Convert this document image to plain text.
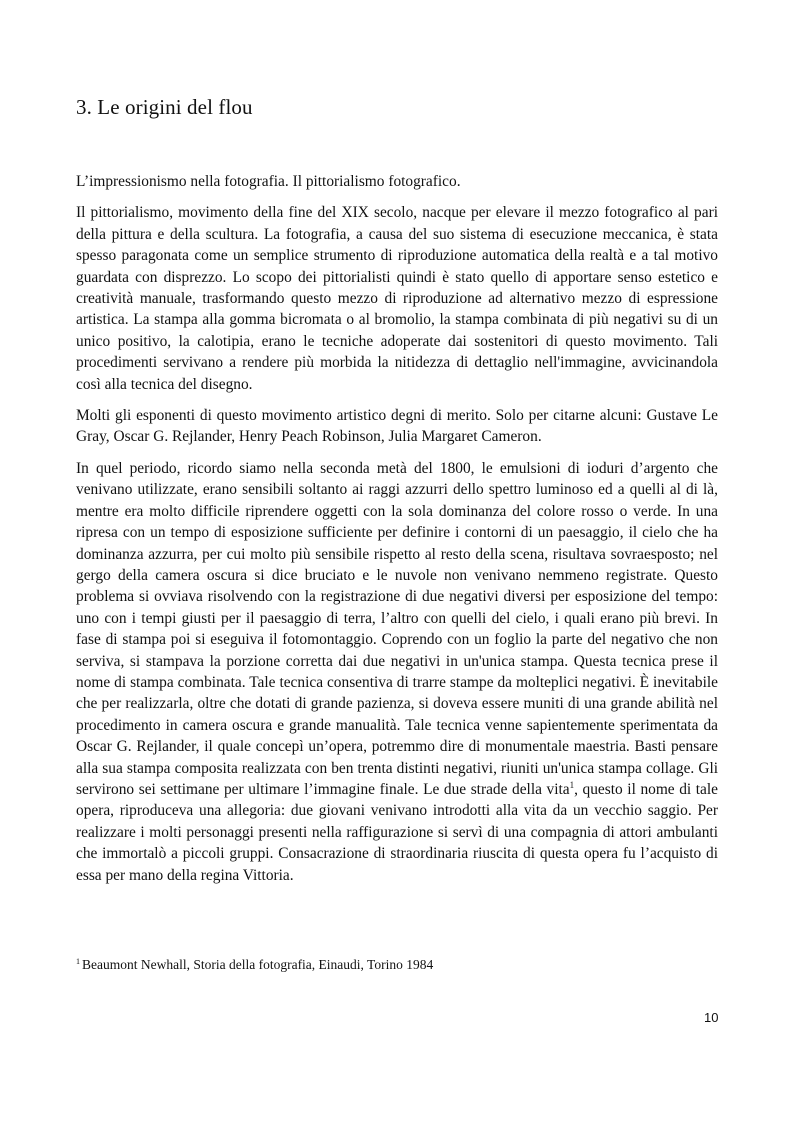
3. Le origini del flou

L’impressionismo nella fotografia. Il pittorialismo fotografico.

Il pittorialismo, movimento della fine del XIX secolo, nacque per elevare il mezzo fotografico al pari della pittura e della scultura. La fotografia, a causa del suo sistema di esecuzione meccanica, è stata spesso paragonata come un semplice strumento di riproduzione automatica della realtà e a tal motivo guardata con disprezzo. Lo scopo dei pittorialisti quindi è stato quello di apportare senso estetico e creatività manuale, trasformando questo mezzo di riproduzione ad alternativo mezzo di espressione artistica. La stampa alla gomma bicromata o al bromolio, la stampa combinata di più negativi su di un unico positivo, la calotipia, erano le tecniche adoperate dai sostenitori di questo movimento. Tali procedimenti servivano a rendere più morbida la nitidezza di dettaglio nell'immagine, avvicinandola così alla tecnica del disegno.

Molti gli esponenti di questo movimento artistico degni di merito. Solo per citarne alcuni: Gustave Le Gray, Oscar G. Rejlander, Henry Peach Robinson, Julia Margaret Cameron.

In quel periodo, ricordo siamo nella seconda metà del 1800, le emulsioni di ioduri d’argento che venivano utilizzate, erano sensibili soltanto ai raggi azzurri dello spettro luminoso ed a quelli al di là, mentre era molto difficile riprendere oggetti con la sola dominanza del colore rosso o verde. In una ripresa con un tempo di esposizione sufficiente per definire i contorni di un paesaggio, il cielo che ha dominanza azzurra, per cui molto più sensibile rispetto al resto della scena, risultava sovraesposto; nel gergo della camera oscura si dice bruciato e le nuvole non venivano nemmeno registrate. Questo problema si ovviava risolvendo con la registrazione di due negativi diversi per esposizione del tempo: uno con i tempi giusti per il paesaggio di terra, l’altro con quelli del cielo, i quali erano più brevi. In fase di stampa poi si eseguiva il fotomontaggio. Coprendo con un foglio la parte del negativo che non serviva, si stampava la porzione corretta dai due negativi in un'unica stampa. Questa tecnica prese il nome di stampa combinata. Tale tecnica consentiva di trarre stampe da molteplici negativi. È inevitabile che per realizzarla, oltre che dotati di grande pazienza, si doveva essere muniti di una grande abilità nel procedimento in camera oscura e grande manualità. Tale tecnica venne sapientemente sperimentata da Oscar G. Rejlander, il quale concepì un’opera, potremmo dire di monumentale maestria. Basti pensare alla sua stampa composita realizzata con ben trenta distinti negativi, riuniti un'unica stampa collage. Gli servirono sei settimane per ultimare l’immagine finale. Le due strade della vita$^1$, questo il nome di tale opera, riproduceva una allegoria: due giovani venivano introdotti alla vita da un vecchio saggio. Per realizzare i molti personaggi presenti nella raffigurazione si servì di una compagnia di attori ambulanti che immortalò a piccoli gruppi. Consacrazione di straordinaria riuscita di questa opera fu l’acquisto di essa per mano della regina Vittoria.

$^1$ Beaumont Newhall, Storia della fotografia, Einaudi, Torino 1984

10
